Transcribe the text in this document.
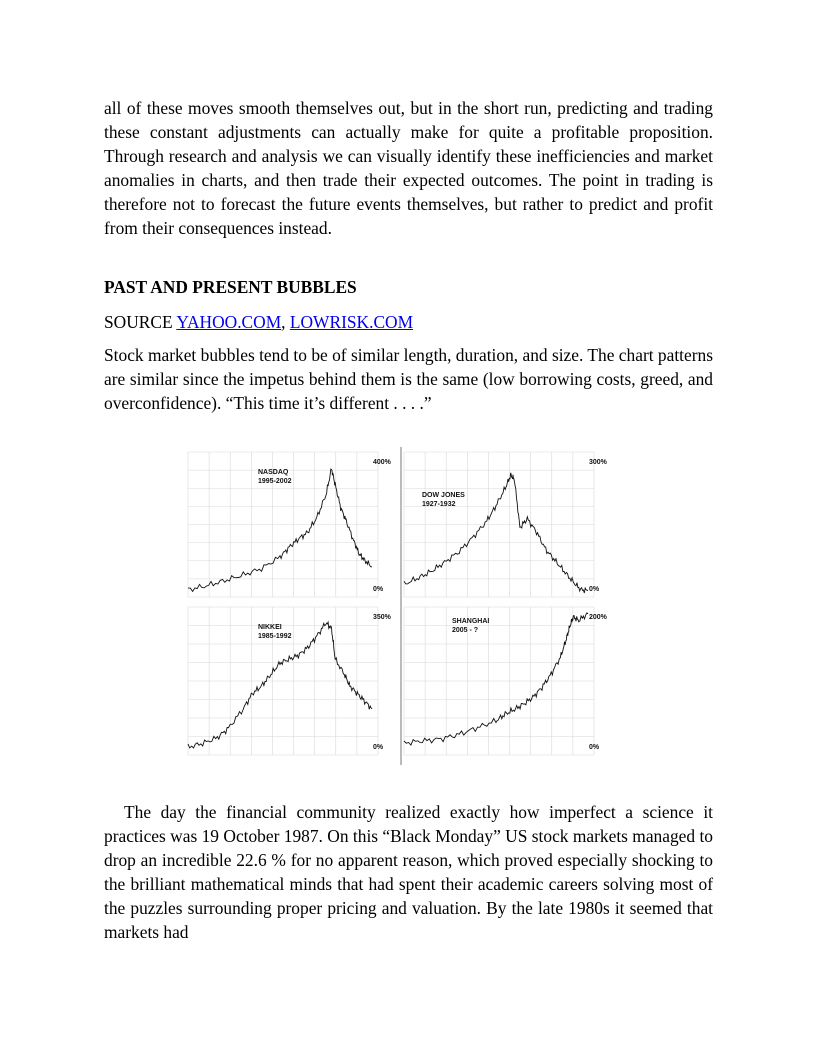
all of these moves smooth themselves out, but in the short run, predicting and trading these constant adjustments can actually make for quite a profitable proposition. Through research and analysis we can visually identify these inefficiencies and market anomalies in charts, and then trade their expected outcomes. The point in trading is therefore not to forecast the future events themselves, but rather to predict and profit from their consequences instead.

PAST AND PRESENT BUBBLES

SOURCE YAHOO.COM, LOWRISK.COM

Stock market bubbles tend to be of similar length, duration, and size. The chart patterns are similar since the impetus behind them is the same (low borrowing costs, greed, and overconfidence). “This time it’s different . . . .”

NASDAQ
1995-2002
400%
0%
DOW JONES
1927-1932
300%
0%
NIKKEI
1985-1992
350%
0%
SHANGHAI
2005 - ?
200%
0%

The day the financial community realized exactly how imperfect a science it practices was 19 October 1987. On this “Black Monday” US stock markets managed to drop an incredible 22.6 % for no apparent reason, which proved especially shocking to the brilliant mathematical minds that had spent their academic careers solving most of the puzzles surrounding proper pricing and valuation. By the late 1980s it seemed that markets had
